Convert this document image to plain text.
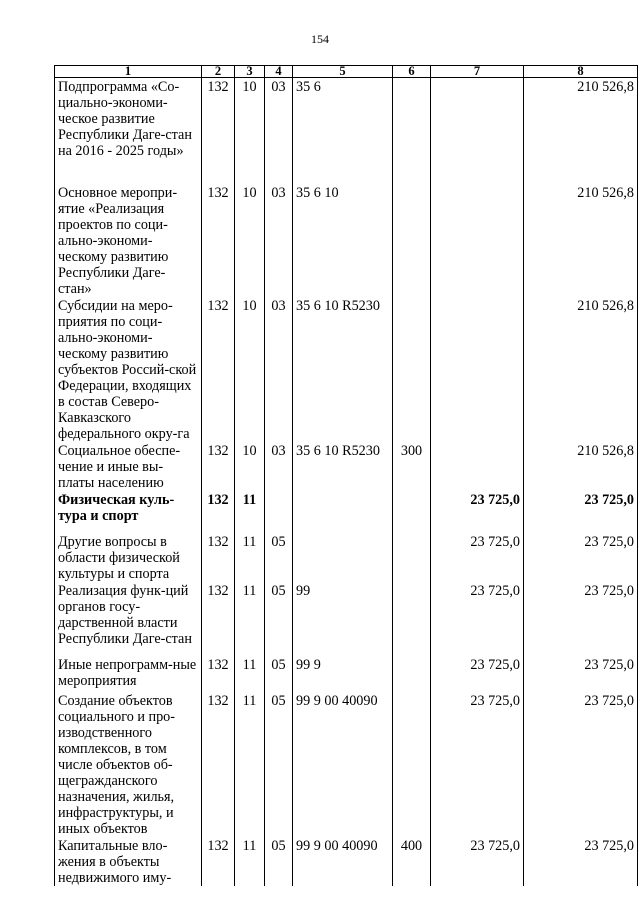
154
1	2	3	4	5	6	7	8
Подпрограмма «Со-циально-экономи-ческое развитие Республики Даге-стан на 2016 - 2025 годы»	132	10	03	35 6			210 526,8
Основное меропри-ятие «Реализация проектов по соци-ально-экономи-ческому развитию Республики Даге-стан»	132	10	03	35 6 10			210 526,8
Субсидии на меро-приятия по соци-ально-экономи-ческому развитию субъектов Россий-ской Федерации, входящих в состав Северо-Кавказского федерального окру-га	132	10	03	35 6 10 R5230			210 526,8
Социальное обеспе-чение и иные вы-платы населению	132	10	03	35 6 10 R5230	300		210 526,8
Физическая куль-тура и спорт	132	11				23 725,0	23 725,0
Другие вопросы в области физической культуры и спорта	132	11	05			23 725,0	23 725,0
Реализация функ-ций органов госу-дарственной власти Республики Даге-стан	132	11	05	99		23 725,0	23 725,0
Иные непрограмм-ные мероприятия	132	11	05	99 9		23 725,0	23 725,0
Создание объектов социального и про-изводственного комплексов, в том числе объектов об-щегражданского назначения, жилья, инфраструктуры, и иных объектов	132	11	05	99 9 00 40090		23 725,0	23 725,0
Капитальные вло-жения в объекты недвижимого иму-	132	11	05	99 9 00 40090	400	23 725,0	23 725,0
